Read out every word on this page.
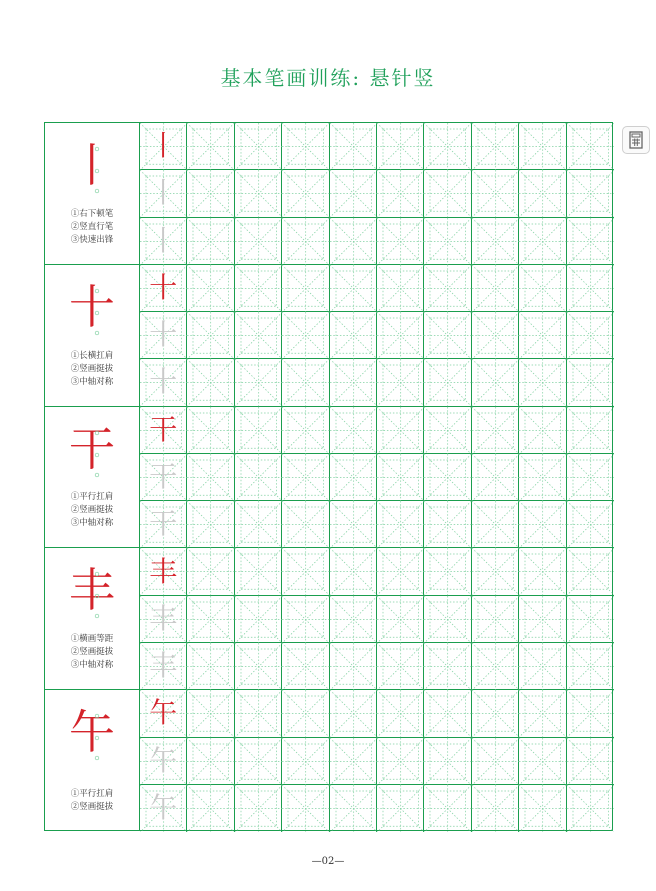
基本笔画训练: 悬针竖
丨
①右下顿笔
②竖直行笔
③快速出锋
十
①长横扛肩
②竖画挺拔
③中轴对称
干
①平行扛肩
②竖画挺拔
③中轴对称
丰
①横画等距
②竖画挺拔
③中轴对称
午
①平行扛肩
②竖画挺拔
丨
丨
丨
十
十
十
干
干
干
丰
丰
丰
午
午
午
—02—
